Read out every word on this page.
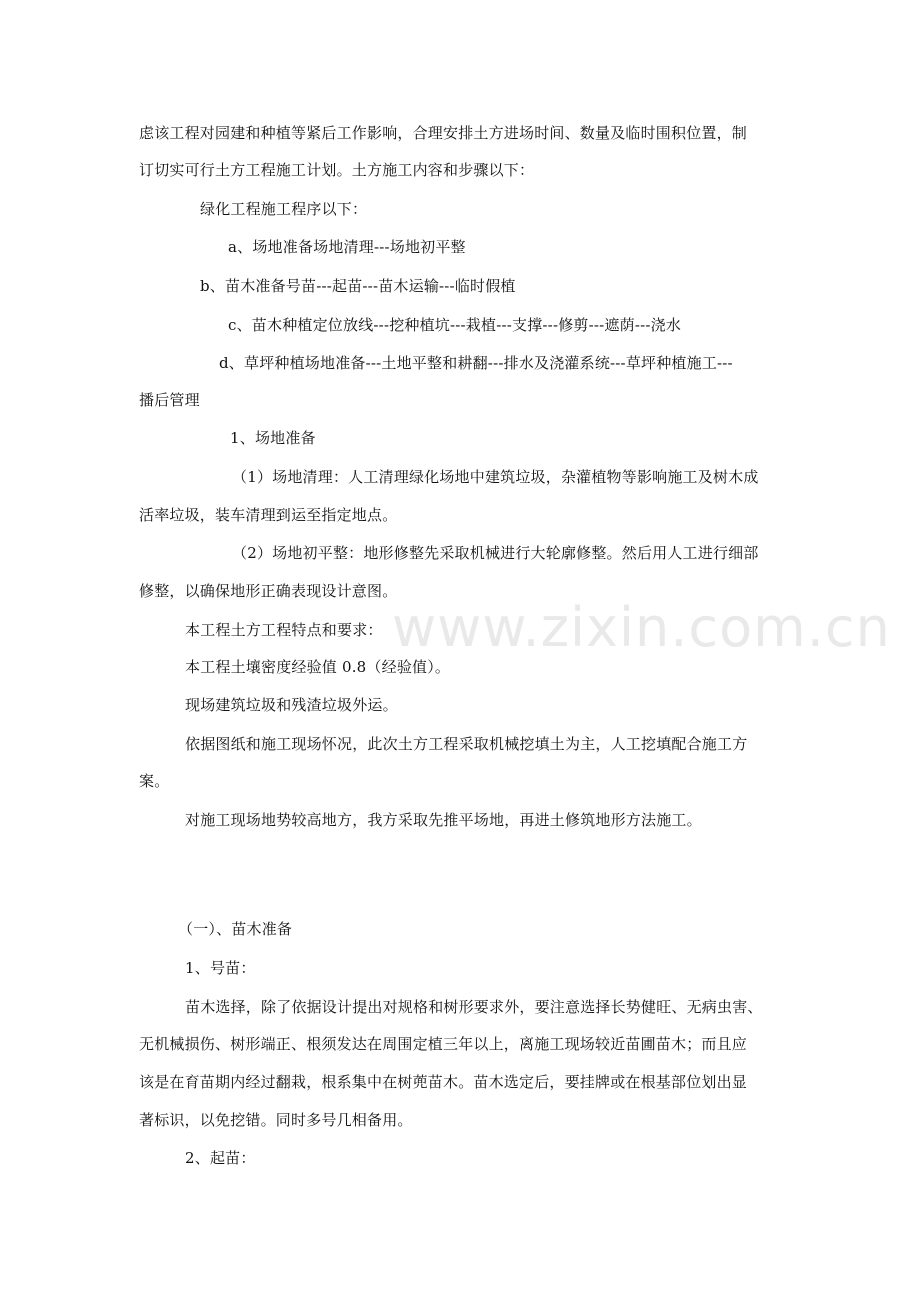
www.zixin.com.cn
虑该工程对园建和种植等紧后工作影响，合理安排土方进场时间、数量及临时围积位置，制
订切实可行土方工程施工计划。土方施工内容和步骤以下：
绿化工程施工程序以下：
a、场地准备场地清理---场地初平整
b、苗木准备号苗---起苗---苗木运输---临时假植
c、苗木种植定位放线---挖种植坑---栽植---支撑---修剪---遮荫---浇水
d、草坪种植场地准备---土地平整和耕翻---排水及浇灌系统---草坪种植施工---
播后管理
1、场地准备
（1）场地清理：人工清理绿化场地中建筑垃圾，杂灌植物等影响施工及树木成
活率垃圾，装车清理到运至指定地点。
（2）场地初平整：地形修整先采取机械进行大轮廓修整。然后用人工进行细部
修整，以确保地形正确表现设计意图。
本工程土方工程特点和要求：
本工程土壤密度经验值 0.8（经验值）。
现场建筑垃圾和残渣垃圾外运。
依据图纸和施工现场怀况，此次土方工程采取机械挖填土为主，人工挖填配合施工方
案。
对施工现场地势较高地方，我方采取先推平场地，再进土修筑地形方法施工。
（一）、苗木准备
1、号苗：
苗木选择，除了依据设计提出对规格和树形要求外，要注意选择长势健旺、无病虫害、
无机械损伤、树形端正、根须发达在周围定植三年以上，离施工现场较近苗圃苗木；而且应
该是在育苗期内经过翻栽，根系集中在树蔸苗木。苗木选定后，要挂牌或在根基部位划出显
著标识，以免挖错。同时多号几相备用。
2、起苗：
